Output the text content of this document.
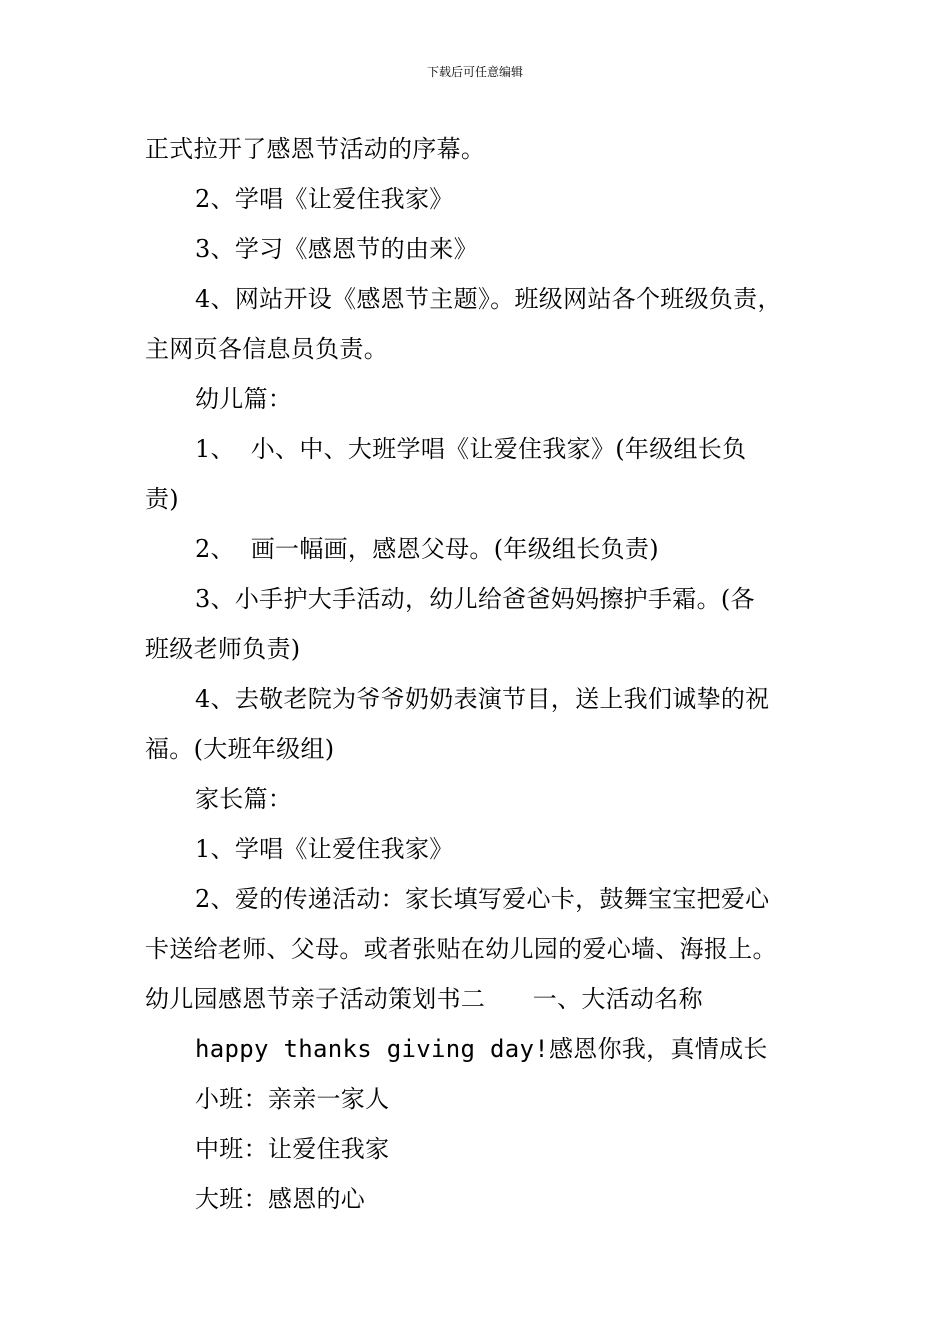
下载后可任意编辑
正式拉开了感恩节活动的序幕。
2、学唱《让爱住我家》
3、学习《感恩节的由来》
4、网站开设《感恩节主题》。班级网站各个班级负责，
主网页各信息员负责。
幼儿篇：
1、  小、中、大班学唱《让爱住我家》(年级组长负
责)
2、  画一幅画，感恩父母。(年级组长负责)
3、小手护大手活动，幼儿给爸爸妈妈擦护手霜。(各
班级老师负责)
4、去敬老院为爷爷奶奶表演节目，送上我们诚挚的祝
福。(大班年级组)
家长篇：
1、学唱《让爱住我家》
2、爱的传递活动：家长填写爱心卡，鼓舞宝宝把爱心
卡送给老师、父母。或者张贴在幼儿园的爱心墙、海报上。
幼儿园感恩节亲子活动策划书二      一、大活动名称
happy thanks giving day!感恩你我，真情成长
小班：亲亲一家人
中班：让爱住我家
大班：感恩的心
